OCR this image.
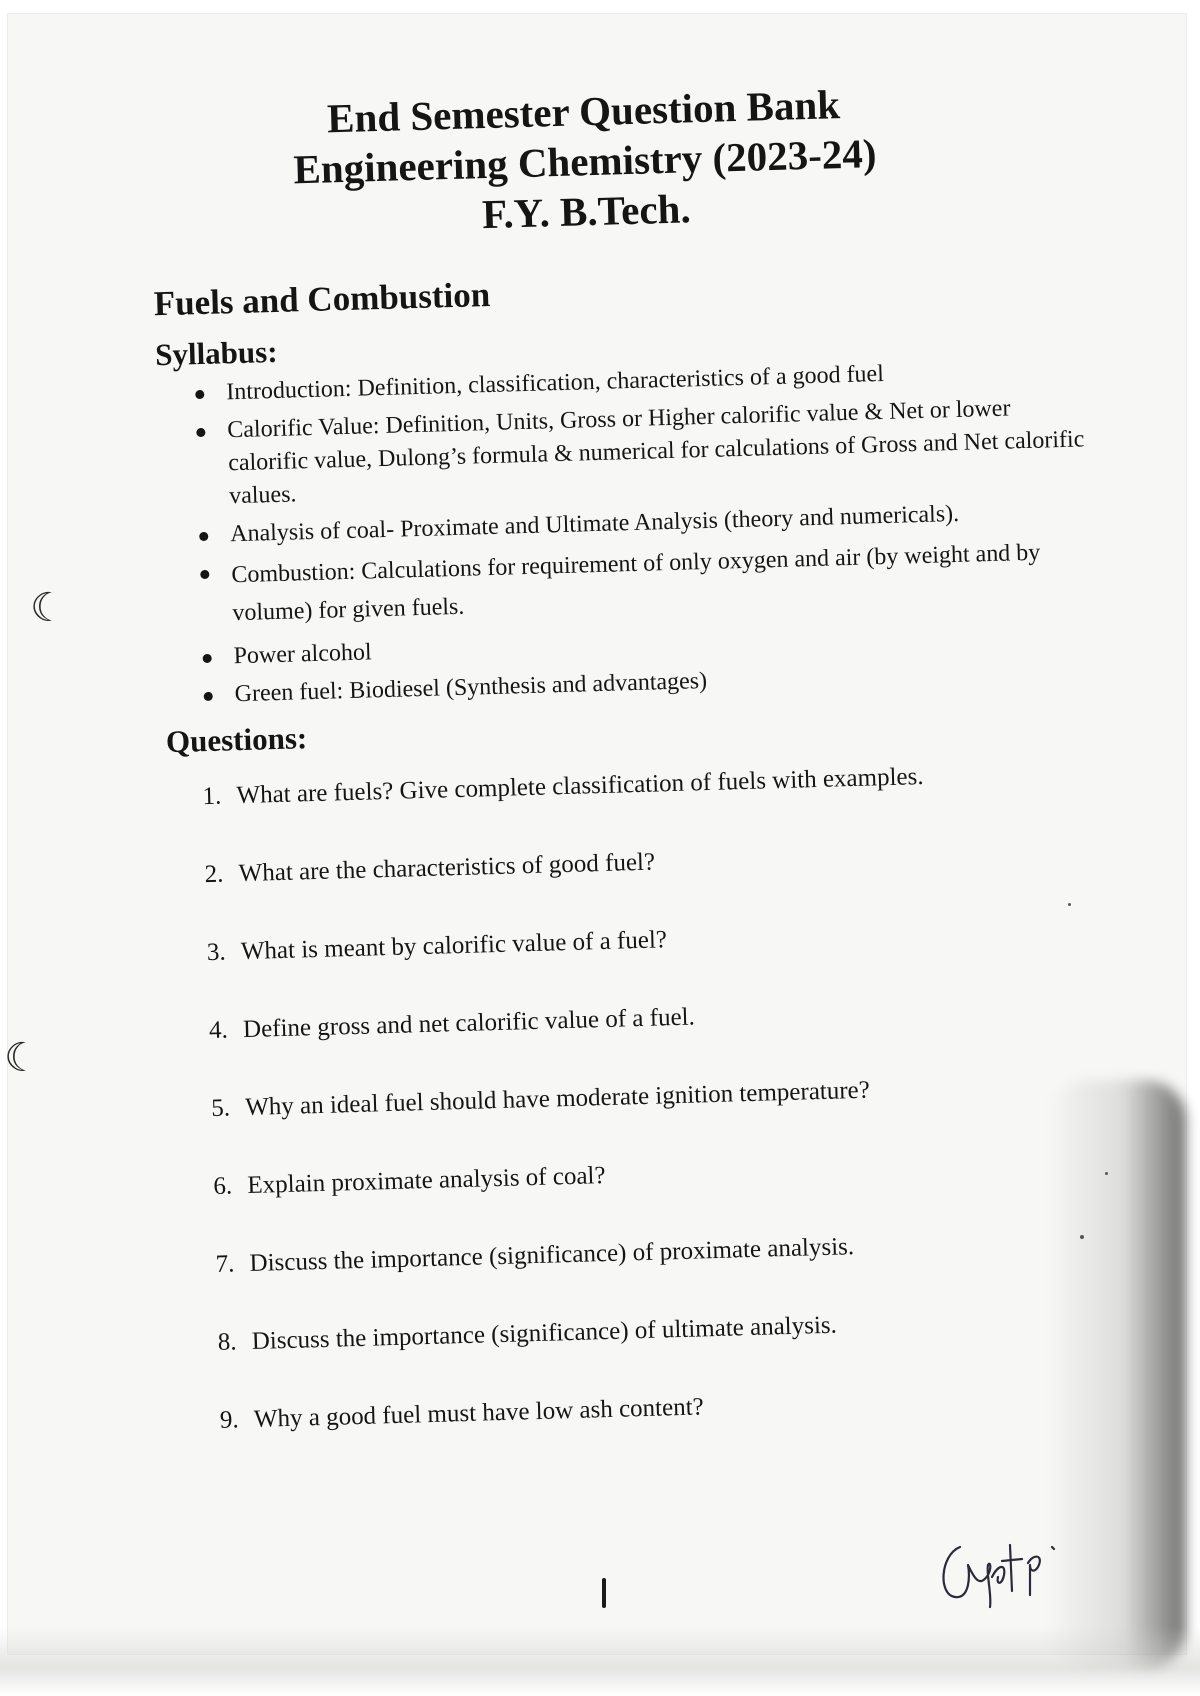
☾
☾
End Semester Question Bank
Engineering Chemistry (2023-24)
F.Y. B.Tech.
Fuels and Combustion
Syllabus:
Introduction: Definition, classification, characteristics of a good fuel
Calorific Value: Definition, Units, Gross or Higher calorific value & Net or lower calorific value, Dulong’s formula & numerical for calculations of Gross and Net calorific values.
Analysis of coal- Proximate and Ultimate Analysis (theory and numericals).
Combustion: Calculations for requirement of only oxygen and air (by weight and by volume) for given fuels.
Power alcohol
Green fuel: Biodiesel (Synthesis and advantages)
Questions:
1. What are fuels? Give complete classification of fuels with examples.
2. What are the characteristics of good fuel?
3. What is meant by calorific value of a fuel?
4. Define gross and net calorific value of a fuel.
5. Why an ideal fuel should have moderate ignition temperature?
6. Explain proximate analysis of coal?
7. Discuss the importance (significance) of proximate analysis.
8. Discuss the importance (significance) of ultimate analysis.
9. Why a good fuel must have low ash content?
